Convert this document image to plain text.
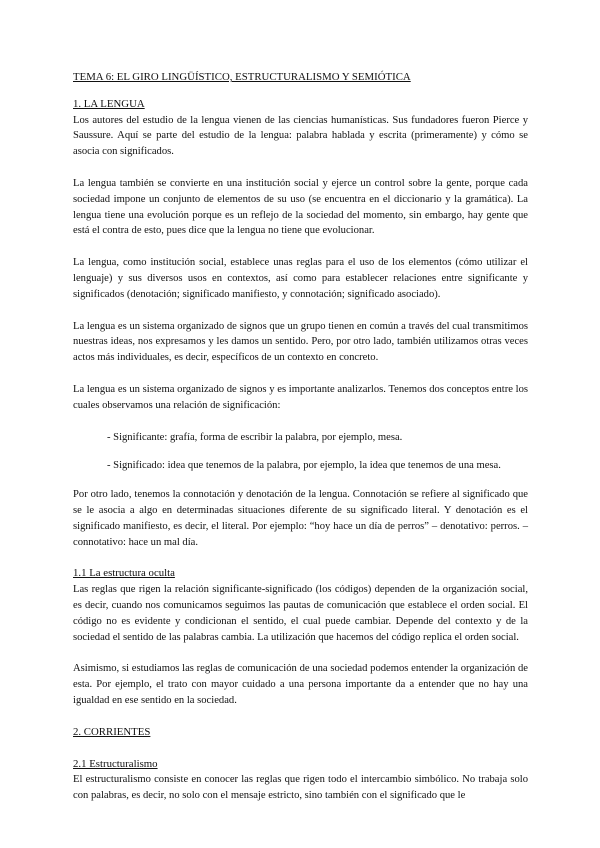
TEMA 6: EL GIRO LINGÜÍSTICO, ESTRUCTURALISMO Y SEMIÓTICA
1. LA LENGUA

Los autores del estudio de la lengua vienen de las ciencias humanísticas. Sus fundadores fueron Pierce y Saussure. Aquí se parte del estudio de la lengua: palabra hablada y escrita (primeramente) y cómo se asocia con significados.

La lengua también se convierte en una institución social y ejerce un control sobre la gente, porque cada sociedad impone un conjunto de elementos de su uso (se encuentra en el diccionario y la gramática). La lengua tiene una evolución porque es un reflejo de la sociedad del momento, sin embargo, hay gente que está el contra de esto, pues dice que la lengua no tiene que evolucionar.

La lengua, como institución social, establece unas reglas para el uso de los elementos (cómo utilizar el lenguaje) y sus diversos usos en contextos, así como para establecer relaciones entre significante y significados (denotación; significado manifiesto, y connotación; significado asociado).

La lengua es un sistema organizado de signos que un grupo tienen en común a través del cual transmitimos nuestras ideas, nos expresamos y les damos un sentido. Pero, por otro lado, también utilizamos otras veces actos más individuales, es decir, específicos de un contexto en concreto.

La lengua es un sistema organizado de signos y es importante analizarlos. Tenemos dos conceptos entre los cuales observamos una relación de significación:

- Significante: grafía, forma de escribir la palabra, por ejemplo, mesa.

- Significado: idea que tenemos de la palabra, por ejemplo, la idea que tenemos de una mesa.

Por otro lado, tenemos la connotación y denotación de la lengua. Connotación se refiere al significado que se le asocia a algo en determinadas situaciones diferente de su significado literal. Y denotación es el significado manifiesto, es decir, el literal. Por ejemplo: “hoy hace un día de perros” – denotativo: perros. – connotativo: hace un mal día.

1.1 La estructura oculta

Las reglas que rigen la relación significante-significado (los códigos) dependen de la organización social, es decir, cuando nos comunicamos seguimos las pautas de comunicación que establece el orden social. El código no es evidente y condicionan el sentido, el cual puede cambiar. Depende del contexto y de la sociedad el sentido de las palabras cambia. La utilización que hacemos del código replica el orden social.

Asimismo, si estudiamos las reglas de comunicación de una sociedad podemos entender la organización de esta. Por ejemplo, el trato con mayor cuidado a una persona importante da a entender que no hay una igualdad en ese sentido en la sociedad.

2. CORRIENTES
2.1 Estructuralismo

El estructuralismo consiste en conocer las reglas que rigen todo el intercambio simbólico. No trabaja solo con palabras, es decir, no solo con el mensaje estricto, sino también con el significado que le
